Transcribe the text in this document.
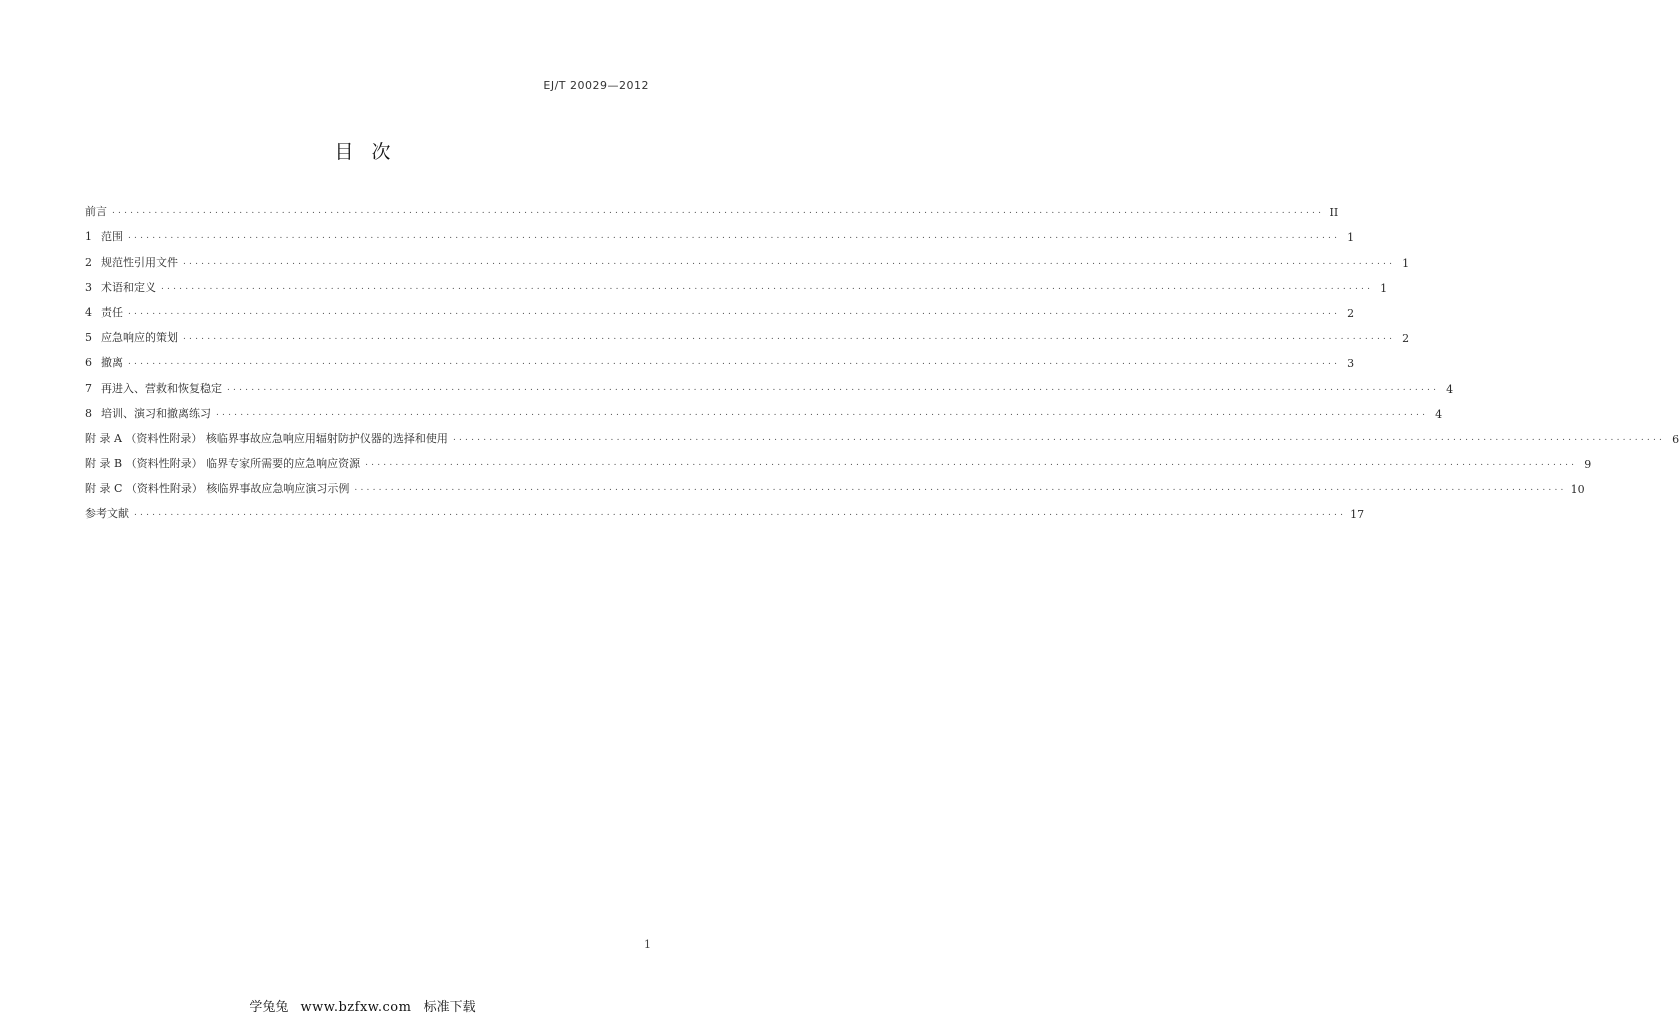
EJ/T 20029—2012
目次
前言 ........................................................................................................................................................................................................ II
1 范围 ........................................................................................................................................................................................................ 1
2 规范性引用文件 ........................................................................................................................................................................................................ 1
3 术语和定义 ........................................................................................................................................................................................................ 1
4 责任 ........................................................................................................................................................................................................ 2
5 应急响应的策划 ........................................................................................................................................................................................................ 2
6 撤离 ........................................................................................................................................................................................................ 3
7 再进入、营救和恢复稳定 ........................................................................................................................................................................................................ 4
8 培训、演习和撤离练习 ........................................................................................................................................................................................................ 4
附 录 A （资料性附录） 核临界事故应急响应用辐射防护仪器的选择和使用 ........................................................................................................................................................................................................ 6
附 录 B （资料性附录） 临界专家所需要的应急响应资源 ........................................................................................................................................................................................................ 9
附 录 C （资料性附录） 核临界事故应急响应演习示例 ........................................................................................................................................................................................................ 10
参考文献 ........................................................................................................................................................................................................ 17
1
学兔兔 www.bzfxw.com 标准下载
